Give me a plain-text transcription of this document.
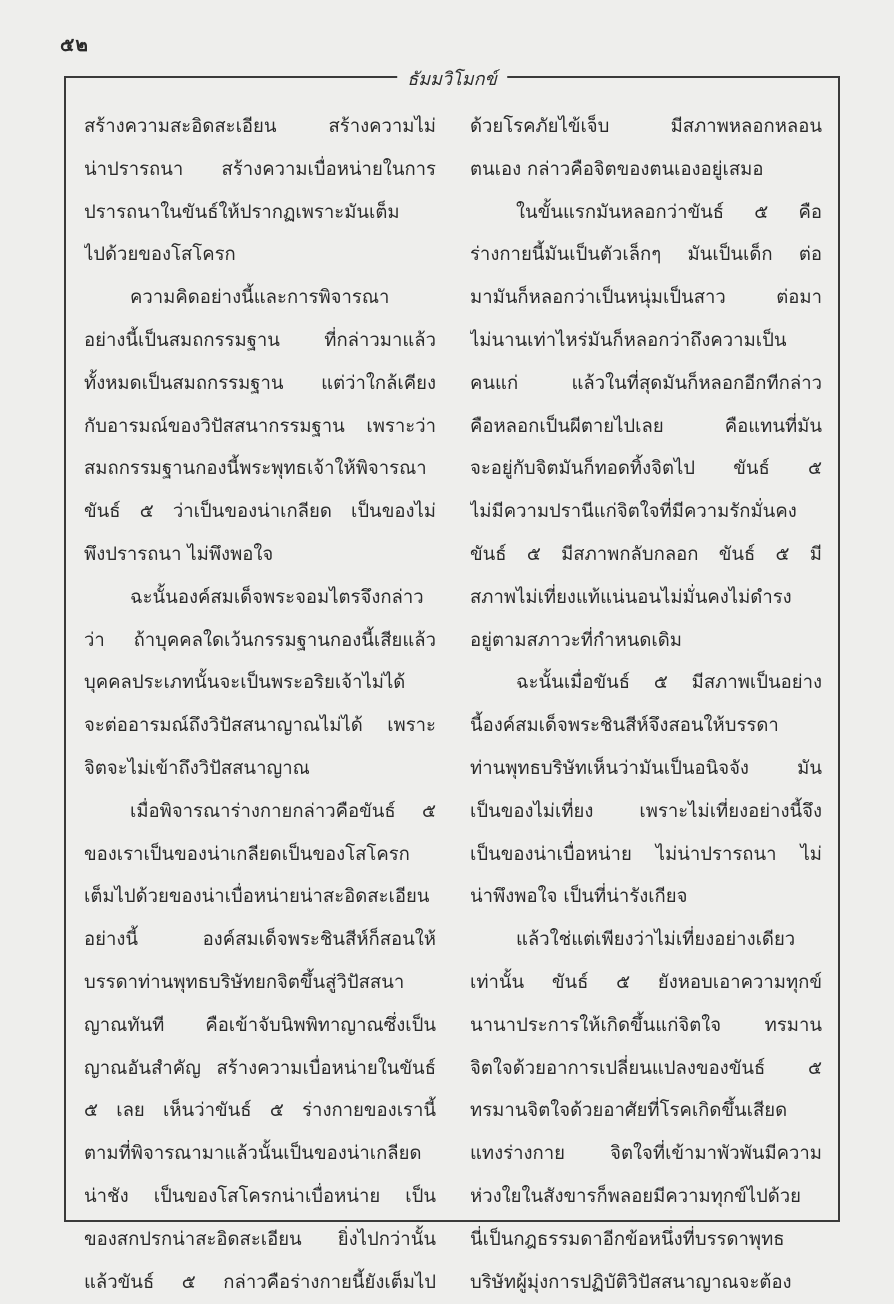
๕๒
ธัมมวิโมกข์
สร้างความสะอิดสะเอียน สร้างความไม่
น่าปรารถนา สร้างความเบื่อหน่ายในการ
ปรารถนาในขันธ์ให้ปรากฏเพราะมันเต็ม
ไปด้วยของโสโครก
ความคิดอย่างนี้และการพิจารณา
อย่างนี้เป็นสมถกรรมฐาน ที่กล่าวมาแล้ว
ทั้งหมดเป็นสมถกรรมฐาน แต่ว่าใกล้เคียง
กับอารมณ์ของวิปัสสนากรรมฐาน เพราะว่า
สมถกรรมฐานกองนี้พระพุทธเจ้าให้พิจารณา
ขันธ์ ๕ ว่าเป็นของน่าเกลียด เป็นของไม่
พึงปรารถนา ไม่พึงพอใจ
ฉะนั้นองค์สมเด็จพระจอมไตรจึงกล่าว
ว่า ถ้าบุคคลใดเว้นกรรมฐานกองนี้เสียแล้ว
บุคคลประเภทนั้นจะเป็นพระอริยเจ้าไม่ได้
จะต่ออารมณ์ถึงวิปัสสนาญาณไม่ได้ เพราะ
จิตจะไม่เข้าถึงวิปัสสนาญาณ
เมื่อพิจารณาร่างกายกล่าวคือขันธ์ ๕
ของเราเป็นของน่าเกลียดเป็นของโสโครก
เต็มไปด้วยของน่าเบื่อหน่ายน่าสะอิดสะเอียน
อย่างนี้ องค์สมเด็จพระชินสีห์ก็สอนให้
บรรดาท่านพุทธบริษัทยกจิตขึ้นสู่วิปัสสนา
ญาณทันที คือเข้าจับนิพพิทาญาณซึ่งเป็น
ญาณอันสำคัญ สร้างความเบื่อหน่ายในขันธ์
๕ เลย เห็นว่าขันธ์ ๕ ร่างกายของเรานี้
ตามที่พิจารณามาแล้วนั้นเป็นของน่าเกลียด
น่าชัง เป็นของโสโครกน่าเบื่อหน่าย เป็น
ของสกปรกน่าสะอิดสะเอียน ยิ่งไปกว่านั้น
แล้วขันธ์ ๕ กล่าวคือร่างกายนี้ยังเต็มไป
ด้วยโรคภัยไข้เจ็บ มีสภาพหลอกหลอน
ตนเอง กล่าวคือจิตของตนเองอยู่เสมอ
ในขั้นแรกมันหลอกว่าขันธ์ ๕ คือ
ร่างกายนี้มันเป็นตัวเล็กๆ มันเป็นเด็ก ต่อ
มามันก็หลอกว่าเป็นหนุ่มเป็นสาว ต่อมา
ไม่นานเท่าไหร่มันก็หลอกว่าถึงความเป็น
คนแก่ แล้วในที่สุดมันก็หลอกอีกทีกล่าว
คือหลอกเป็นผีตายไปเลย คือแทนที่มัน
จะอยู่กับจิตมันก็ทอดทิ้งจิตไป ขันธ์ ๕
ไม่มีความปรานีแก่จิตใจที่มีความรักมั่นคง
ขันธ์ ๕ มีสภาพกลับกลอก ขันธ์ ๕ มี
สภาพไม่เที่ยงแท้แน่นอนไม่มั่นคงไม่ดำรง
อยู่ตามสภาวะที่กำหนดเดิม
ฉะนั้นเมื่อขันธ์ ๕ มีสภาพเป็นอย่าง
นี้องค์สมเด็จพระชินสีห์จึงสอนให้บรรดา
ท่านพุทธบริษัทเห็นว่ามันเป็นอนิจจัง มัน
เป็นของไม่เที่ยง เพราะไม่เที่ยงอย่างนี้จึง
เป็นของน่าเบื่อหน่าย ไม่น่าปรารถนา ไม่
น่าพึงพอใจ เป็นที่น่ารังเกียจ
แล้วใช่แต่เพียงว่าไม่เที่ยงอย่างเดียว
เท่านั้น ขันธ์ ๕ ยังหอบเอาความทุกข์
นานาประการให้เกิดขึ้นแก่จิตใจ ทรมาน
จิตใจด้วยอาการเปลี่ยนแปลงของขันธ์ ๕
ทรมานจิตใจด้วยอาศัยที่โรคเกิดขึ้นเสียด
แทงร่างกาย จิตใจที่เข้ามาพัวพันมีความ
ห่วงใยในสังขารก็พลอยมีความทุกข์ไปด้วย
นี่เป็นกฎธรรมดาอีกข้อหนึ่งที่บรรดาพุทธ
บริษัทผู้มุ่งการปฏิบัติวิปัสสนาญาณจะต้อง
